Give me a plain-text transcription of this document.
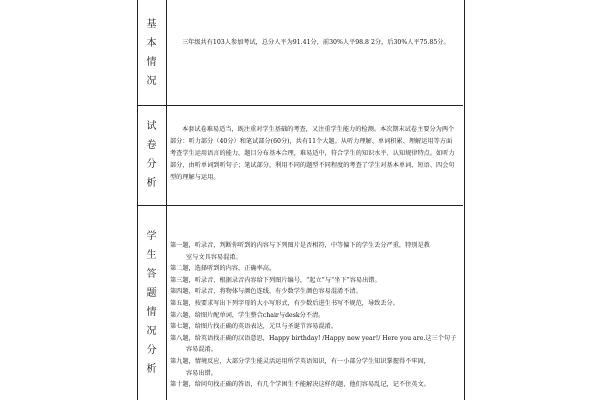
基
本
情
况

三年级共有103人参加考试，总分人平为91.41分，前30%人平98.8 2分，后30%人平75.85分。

试
卷
分
析

本套试卷难易适当，既注重对学生基础的考查，又注重学生能力的检测。本次期末试卷主要分为两个部分：听力部分（40分）和笔试部分(60分)，共有11个大题。从听力理解、单词积累、理解运用等方面考查学生运用语言的能力，题目分布基本合理，难易适中，符合学生的知识水平、认知规律特点。如听力部分，由听单词到听句子；笔试部分，利用不同的题型不同程度的考查了学生对基本单词、短语、四会句型的理解与运用。

学
生
答
题
情
况
分
析
第一题，听录音，判断你听到的内容与下列图片是否相符，中等偏下的学生丢分严重，特别是教
室与文具容易混淆。
第二题，选择听到的内容，正确率高。
第三题，听录音，根据录音内容给下列图片编号，“起立”与“坐下”容易出错。
第四题，听录音，将物体与颜色连线，有少数学生颜色容易混淆不清。
第五题，按要求写出下列字母的大小写形式，有少数后进生书写不规范，导致丢分。
第六题，给图片配单词，学生整合chair与desk分不清。
第七题，给图片找正确的英语表达，元旦与圣诞节容易混淆。
第八题，给英语找正确的汉语意思，Happy birthday! /Happy new year!/ Here you are.这三个句子
容易混淆。
第九题，情境反应，大部分学生能灵活运用所学英语知识，有一小部分学生知识掌握得不牢固，
容易出错。
第十题，给问句找正确的答语，有几个学困生不能解决这样的题，他们容易乱记，记不住英文。
